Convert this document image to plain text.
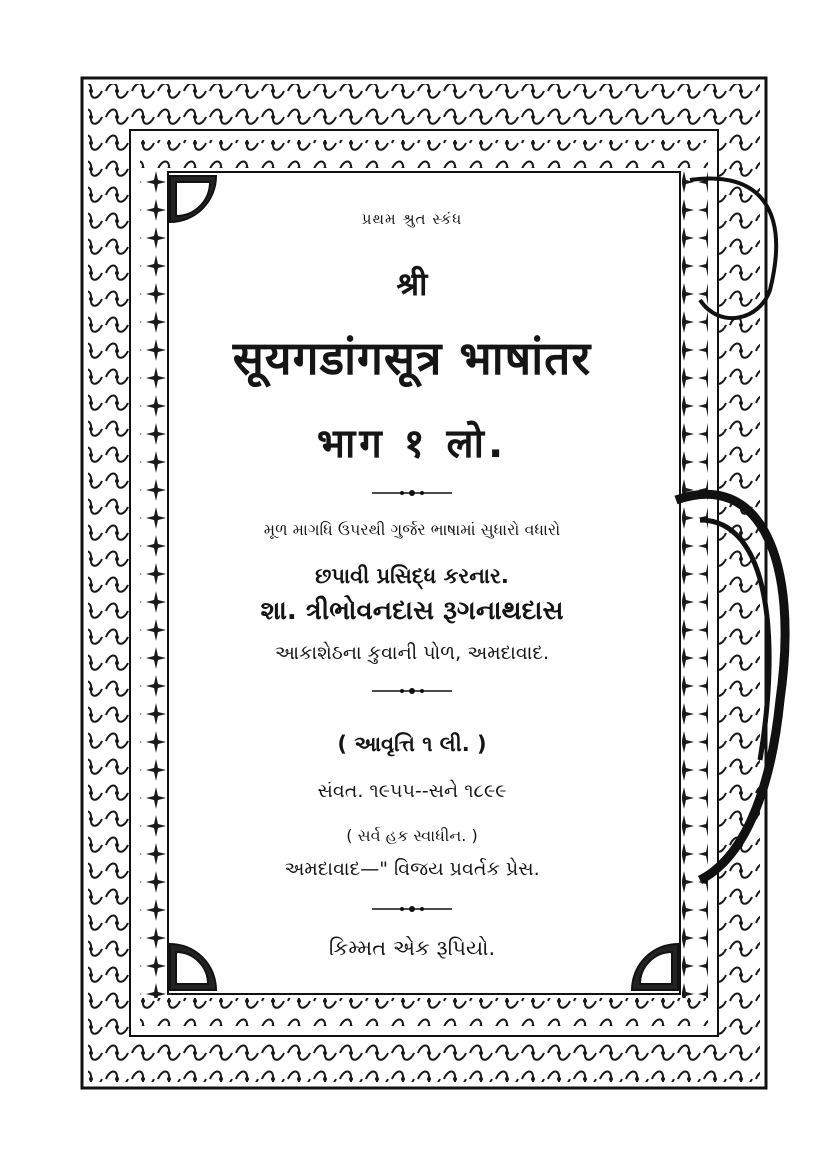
પ્રથમ શ્રુત સ્કંધ
श्री
सूयगडांगसूत्र भाषांतर
भाग १ लो.
મૂળ માગધિ ઉપરથી ગુર્જર ભાષામાં સુધારો વધારો
છપાવી પ્રસિદ્ધ કરનાર.
શા. ત્રીભોવનદાસ રૂગનાથદાસ
આકાશેઠના કુવાની પોળ, અમદાવાદ.
( આવૃત્તિ ૧ લી. )
સંવત. ૧૯૫૫--સને ૧૮૯૯
( સર્વ હક સ્વાધીન. )
અમદાવાદ—" વિજય પ્રવર્તક પ્રેસ.
કિમ્મત એક રૂપિયો.
